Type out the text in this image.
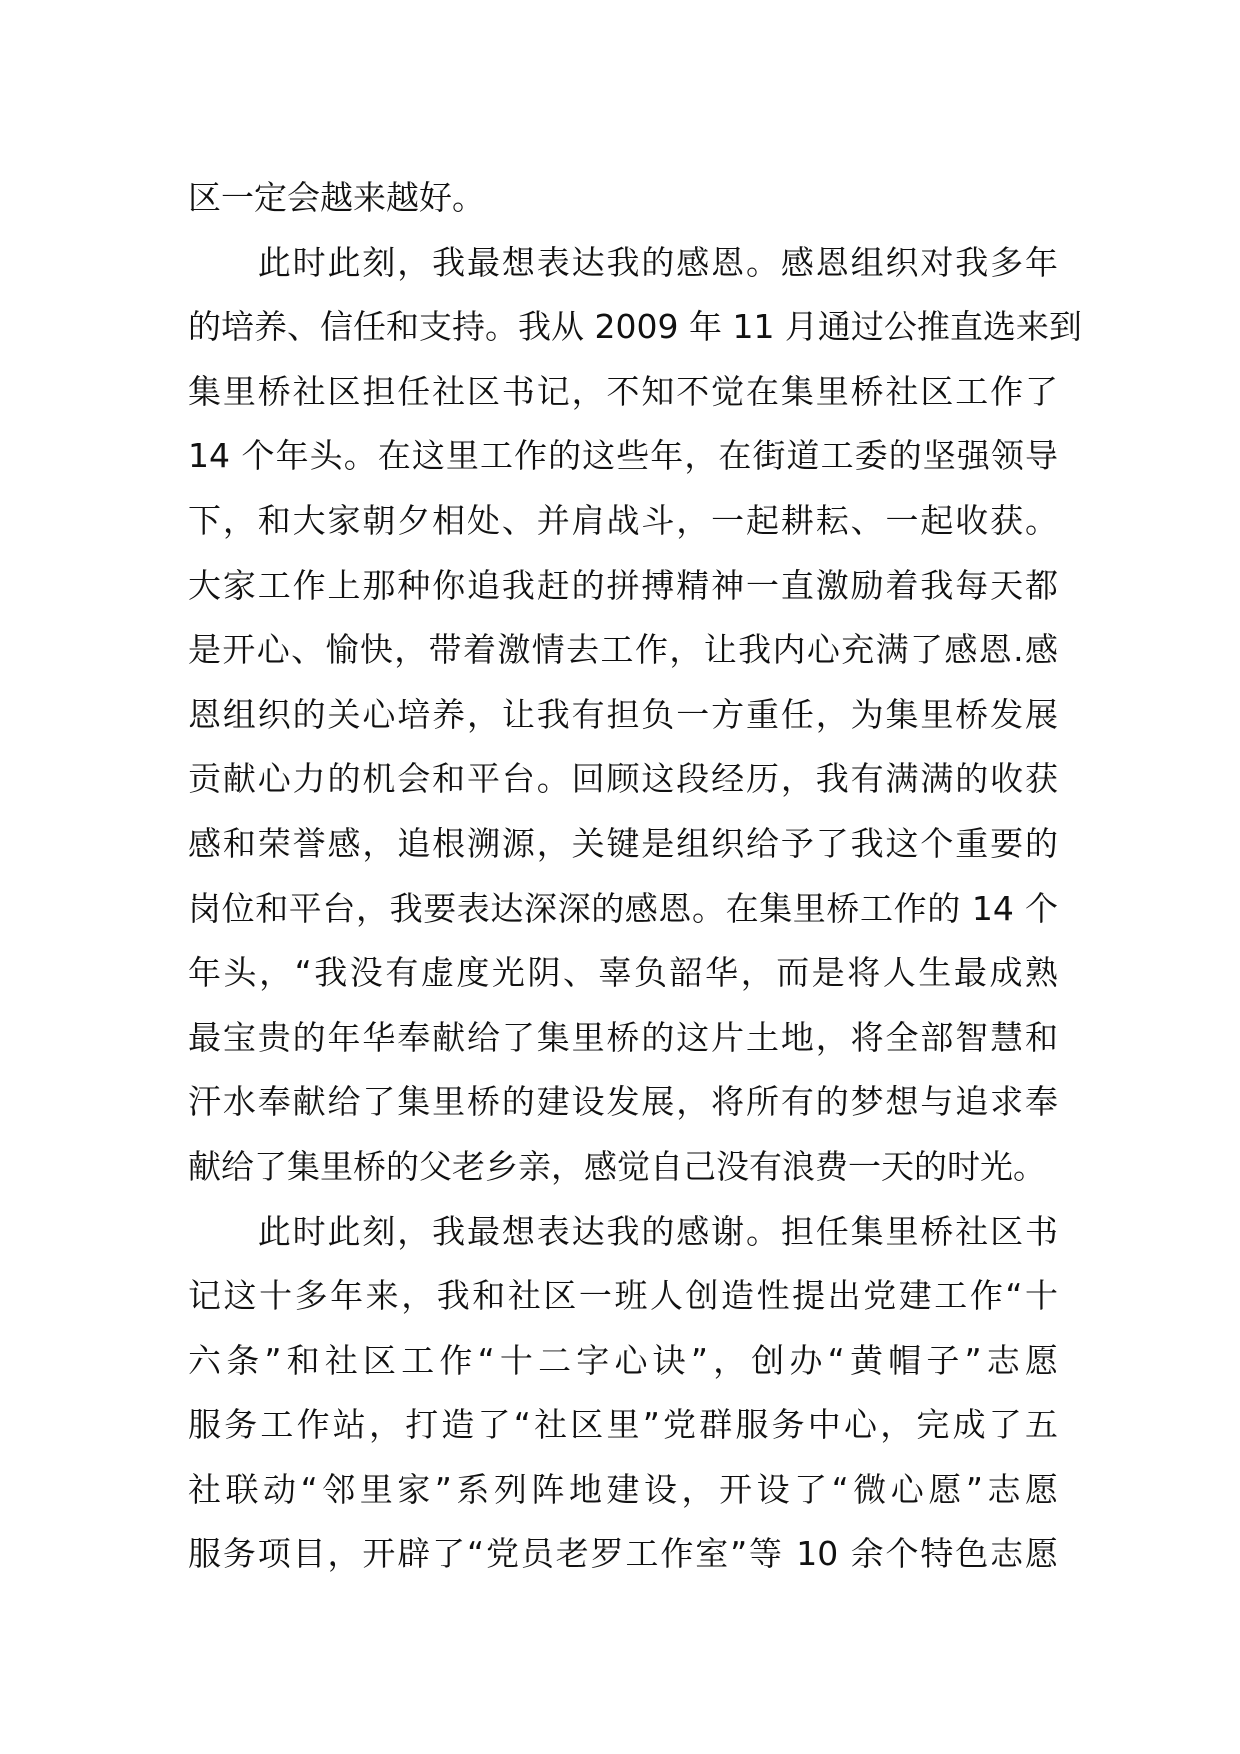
区一定会越来越好。
　　此时此刻，我最想表达我的感恩。感恩组织对我多年
的培养、信任和支持。我从 2009 年 11 月通过公推直选来到
集里桥社区担任社区书记，不知不觉在集里桥社区工作了
14 个年头。在这里工作的这些年，在街道工委的坚强领导
下，和大家朝夕相处、并肩战斗，一起耕耘、一起收获。
大家工作上那种你追我赶的拼搏精神一直激励着我每天都
是开心、愉快，带着激情去工作，让我内心充满了感恩.感
恩组织的关心培养，让我有担负一方重任，为集里桥发展
贡献心力的机会和平台。回顾这段经历，我有满满的收获
感和荣誉感，追根溯源，关键是组织给予了我这个重要的
岗位和平台，我要表达深深的感恩。在集里桥工作的 14 个
年头，“我没有虚度光阴、辜负韶华，而是将人生最成熟
最宝贵的年华奉献给了集里桥的这片土地，将全部智慧和
汗水奉献给了集里桥的建设发展，将所有的梦想与追求奉
献给了集里桥的父老乡亲，感觉自己没有浪费一天的时光。
　　此时此刻，我最想表达我的感谢。担任集里桥社区书
记这十多年来，我和社区一班人创造性提出党建工作“十
六条”和社区工作“十二字心诀”，创办“黄帽子”志愿
服务工作站，打造了“社区里”党群服务中心，完成了五
社联动“邻里家”系列阵地建设，开设了“微心愿”志愿
服务项目，开辟了“党员老罗工作室”等 10 余个特色志愿
